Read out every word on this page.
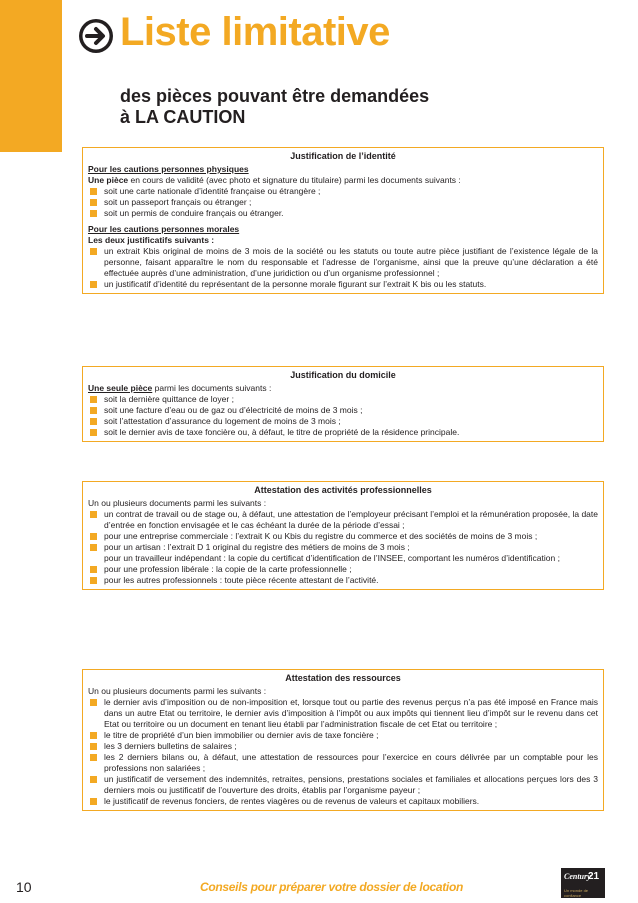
Liste limitative
des pièces pouvant être demandées
à LA CAUTION
Justification de l’identité

Pour les cautions personnes physiques

Une pièce en cours de validité (avec photo et signature du titulaire) parmi les documents suivants :

soit une carte nationale d’identité française ou étrangère ;
soit un passeport français ou étranger ;
soit un permis de conduire français ou étranger.

Pour les cautions personnes morales

Les deux justificatifs suivants :

un extrait Kbis original de moins de 3 mois de la société ou les statuts ou toute autre pièce justifiant de l’existence légale de la personne, faisant apparaître le nom du responsable et l’adresse de l’organisme, ainsi que la preuve qu’une déclaration a été effectuée auprès d’une administration, d’une juridiction ou d’un organisme professionnel ;
un justificatif d’identité du représentant de la personne morale figurant sur l’extrait K bis ou les statuts.
Justification du domicile

Une seule pièce parmi les documents suivants :

soit la dernière quittance de loyer ;
soit une facture d’eau ou de gaz ou d’électricité de moins de 3 mois ;
soit l’attestation d’assurance du logement de moins de 3 mois ;
soit le dernier avis de taxe foncière ou, à défaut, le titre de propriété de la résidence principale.
Attestation des activités professionnelles

Un ou plusieurs documents parmi les suivants :

un contrat de travail ou de stage ou, à défaut, une attestation de l’employeur précisant l’emploi et la rémunération proposée, la date d’entrée en fonction envisagée et le cas échéant la durée de la période d’essai ;
pour une entreprise commerciale : l’extrait K ou Kbis du registre du commerce et des sociétés de moins de 3 mois ;
pour un artisan : l’extrait D 1 original du registre des métiers de moins de 3 mois ;
pour un travailleur indépendant : la copie du certificat d’identification de l’INSEE, comportant les numéros d’identification ;
pour une profession libérale : la copie de la carte professionnelle ;
pour les autres professionnels : toute pièce récente attestant de l’activité.
Attestation des ressources

Un ou plusieurs documents parmi les suivants :

le dernier avis d’imposition ou de non-imposition et, lorsque tout ou partie des revenus perçus n’a pas été imposé en France mais dans un autre Etat ou territoire, le dernier avis d’imposition à l’impôt ou aux impôts qui tiennent lieu d’impôt sur le revenu dans cet Etat ou territoire ou un document en tenant lieu établi par l’administration fiscale de cet Etat ou territoire ;
le titre de propriété d’un bien immobilier ou dernier avis de taxe foncière ;
les 3 derniers bulletins de salaires ;
les 2 derniers bilans ou, à défaut, une attestation de ressources pour l’exercice en cours délivrée par un comptable pour les professions non salariées ;
un justificatif de versement des indemnités, retraites, pensions, prestations sociales et familiales et allocations perçues lors des 3 derniers mois ou justificatif de l’ouverture des droits, établis par l’organisme payeur ;
le justificatif de revenus fonciers, de rentes viagères ou de revenus de valeurs et capitaux mobiliers.
10	Conseils pour préparer votre dossier de location
Century
21
Un monde de confiance
